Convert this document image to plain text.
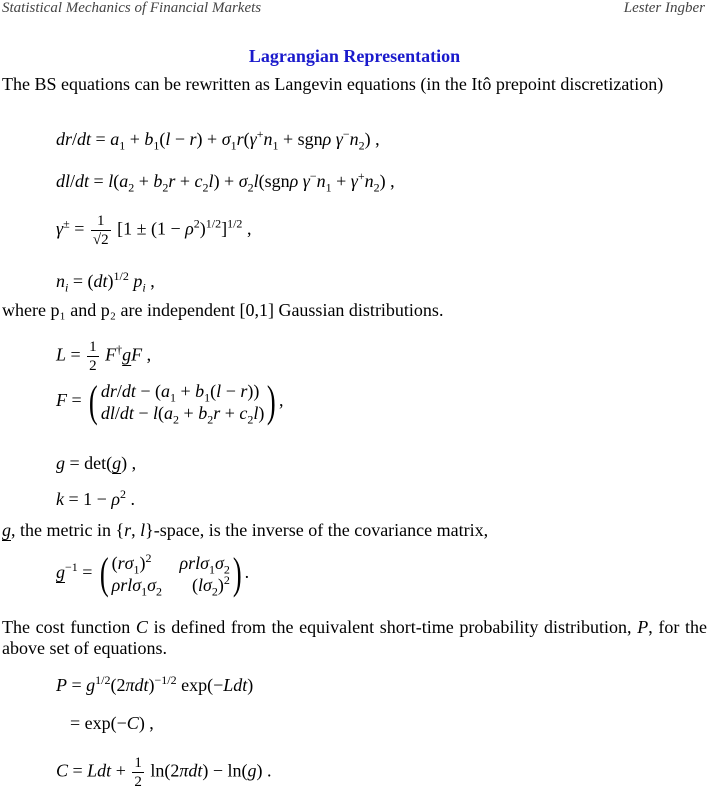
Statistical Mechanics of Financial Markets	Lester Ingber
Lagrangian Representation
The BS equations can be rewritten as Langevin equations (in the Itô prepoint discretization)
$dr/dt = a_1 + b_1(l - r) + \sigma_1r(\gamma^+n_1 + sgn\rho$ $\gamma^-n_2$) ,
$dl/dt = l(a_2 + b_2r + c_2l) + \sigma_2l(sgn\rho$ $\gamma^-n_1 + \gamma^+n_2$) ,
$\gamma^\pm = \frac{1}{√2} [1 \pm (1 - \rho^2)^{1/2}]^{1/2}$ ,
$n_i = (dt)^{1/2}$ $p_i$ ,
where p₁ and p₂ are independent [0,1] Gaussian distributions.
$L = \frac{1}{2} F^\dagger gF$ ,
F = ( $dr/dt - (a_1 + b_1(l - r))$
$dl/dt - l(a_2 + b_2r + c_2l)$ ) ,
g = det(g) ,
$k = 1 - \rho^2$ .
g, the metric in {r, l}-space, is the inverse of the covariance matrix,
$g^{-1}$ = ( $(r\sigma_1)^2$ $\rho rl\sigma_1\sigma_2$
$\rho rl\sigma_1\sigma_2$ $(l\sigma_2)^2$ ) .
The cost function C is defined from the equivalent short-time probability distribution, P, for the above set of equations.
$P = g^{1/2}(2\pi dt)^{-1/2}$ exp(−Ldt)
= exp(−C) ,
C = Ldt + $\frac{1}{2} \ln(2\pi dt) - \ln(g)$ .
